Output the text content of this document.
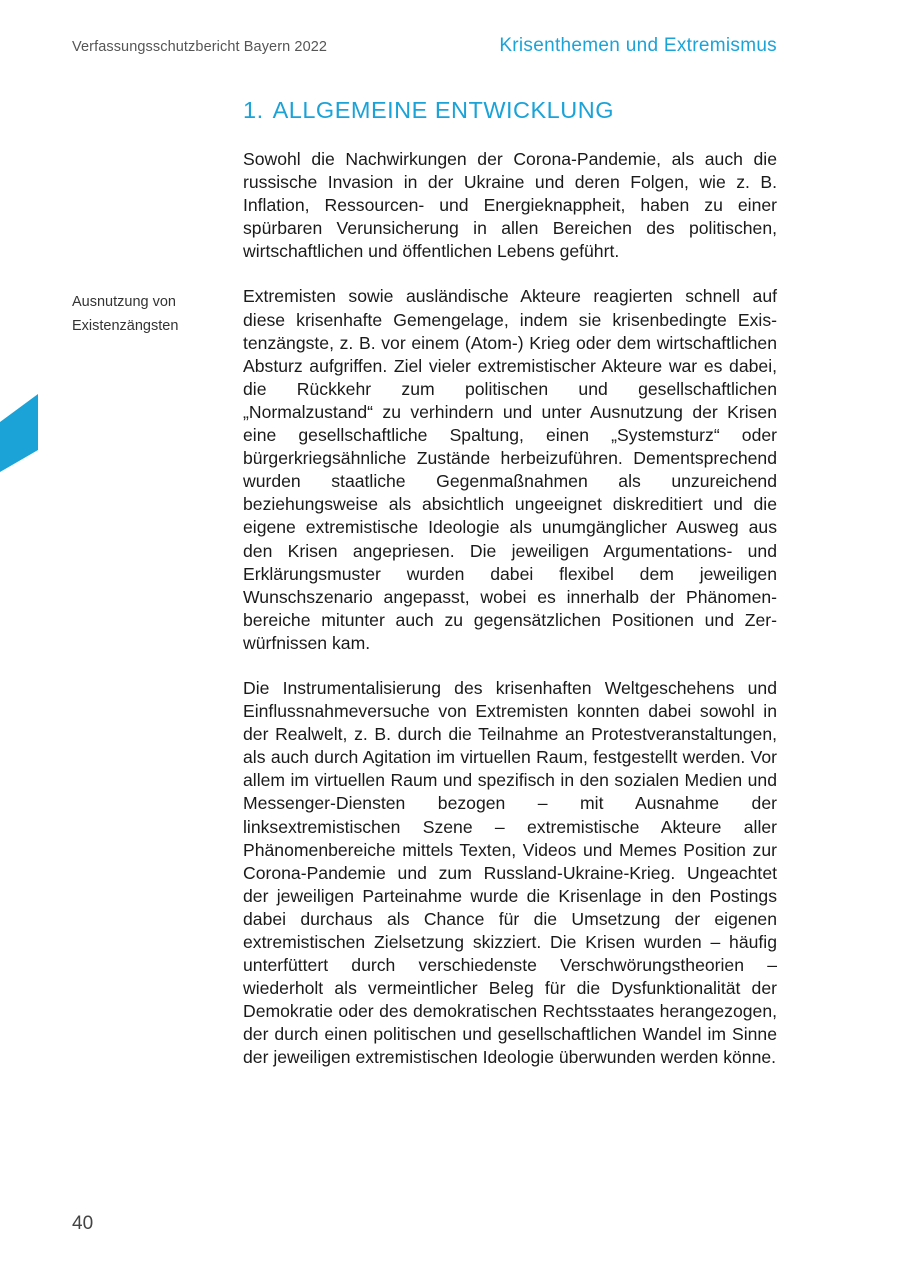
Verfassungsschutzbericht Bayern 2022	Krisenthemen und Extremismus
1. ALLGEMEINE ENTWICKLUNG
Ausnutzung von
Existenzängsten

Sowohl die Nachwirkungen der Corona-Pandemie, als auch die russische Invasion in der Ukraine und deren Folgen, wie z. B. Inflation, Ressourcen- und Energieknappheit, haben zu einer spürbaren Verunsicherung in allen Bereichen des politischen, wirtschaftlichen und öffentlichen Lebens geführt.

Extremisten sowie ausländische Akteure reagierten schnell auf diese krisenhafte Gemengelage, indem sie krisenbedingte Existenzängste, z. B. vor einem (Atom-) Krieg oder dem wirtschaftlichen Absturz aufgriffen. Ziel vieler extremistischer Akteure war es dabei, die Rückkehr zum politischen und gesellschaftlichen „Normalzustand“ zu verhindern und unter Ausnutzung der Krisen eine gesellschaftliche Spaltung, einen „Systemsturz“ oder bürgerkriegsähnliche Zustände herbeizuführen. Dementsprechend wurden staatliche Gegenmaßnahmen als unzureichend beziehungsweise als absichtlich ungeeignet diskreditiert und die eigene extremistische Ideologie als unumgänglicher Ausweg aus den Krisen angepriesen. Die jeweiligen Argumentations- und Erklärungsmuster wurden dabei flexibel dem jeweiligen Wunschszenario angepasst, wobei es innerhalb der Phänomenbereiche mitunter auch zu gegensätzlichen Positionen und Zerwürfnissen kam.

Die Instrumentalisierung des krisenhaften Weltgeschehens und Einflussnahmeversuche von Extremisten konnten dabei sowohl in der Realwelt, z. B. durch die Teilnahme an Protestveranstaltungen, als auch durch Agitation im virtuellen Raum, festgestellt werden. Vor allem im virtuellen Raum und spezifisch in den sozialen Medien und Messenger-Diensten bezogen – mit Ausnahme der linksextremistischen Szene – extremistische Akteure aller Phänomenbereiche mittels Texten, Videos und Memes Position zur Corona-Pandemie und zum Russland-Ukraine-Krieg. Ungeachtet der jeweiligen Parteinahme wurde die Krisenlage in den Postings dabei durchaus als Chance für die Umsetzung der eigenen extremistischen Zielsetzung skizziert. Die Krisen wurden – häufig unterfüttert durch verschiedenste Verschwörungstheorien – wiederholt als vermeintlicher Beleg für die Dysfunktionalität der Demokratie oder des demokratischen Rechtsstaates herangezogen, der durch einen politischen und gesellschaftlichen Wandel im Sinne der jeweiligen extremistischen Ideologie überwunden werden könne.

40
